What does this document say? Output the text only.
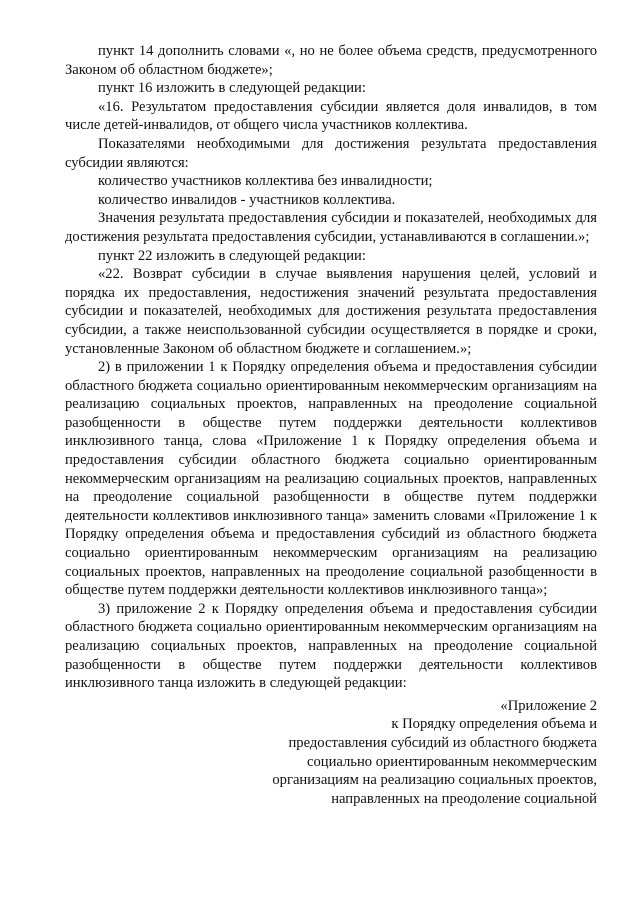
пункт 14 дополнить словами «, но не более объема средств, предусмотренного Законом об областном бюджете»;

пункт 16 изложить в следующей редакции:

«16. Результатом предоставления субсидии является доля инвалидов, в том числе детей-инвалидов, от общего числа участников коллектива.

Показателями необходимыми для достижения результата предоставления субсидии являются:

количество участников коллектива без инвалидности;

количество инвалидов - участников коллектива.

Значения результата предоставления субсидии и показателей, необходимых для достижения результата предоставления субсидии, устанавливаются в соглашении.»;

пункт 22 изложить в следующей редакции:

«22. Возврат субсидии в случае выявления нарушения целей, условий и порядка их предоставления, недостижения значений результата предоставления субсидии и показателей, необходимых для достижения результата предоставления субсидии, а также неиспользованной субсидии осуществляется в порядке и сроки, установленные Законом об областном бюджете и соглашением.»;

2) в приложении 1 к Порядку определения объема и предоставления субсидии областного бюджета социально ориентированным некоммерческим организациям на реализацию социальных проектов, направленных на преодоление социальной разобщенности в обществе путем поддержки деятельности коллективов инклюзивного танца, слова «Приложение 1 к Порядку определения объема и предоставления субсидии областного бюджета социально ориентированным некоммерческим организациям на реализацию социальных проектов, направленных на преодоление социальной разобщенности в обществе путем поддержки деятельности коллективов инклюзивного танца» заменить словами «Приложение 1 к Порядку определения объема и предоставления субсидий из областного бюджета социально ориентированным некоммерческим организациям на реализацию социальных проектов, направленных на преодоление социальной разобщенности в обществе путем поддержки деятельности коллективов инклюзивного танца»;

3) приложение 2 к Порядку определения объема и предоставления субсидии областного бюджета социально ориентированным некоммерческим организациям на реализацию социальных проектов, направленных на преодоление социальной разобщенности в обществе путем поддержки деятельности коллективов инклюзивного танца изложить в следующей редакции:

«Приложение 2
к Порядку определения объема и
предоставления субсидий из областного бюджета
социально ориентированным некоммерческим
организациям на реализацию социальных проектов,
направленных на преодоление социальной
